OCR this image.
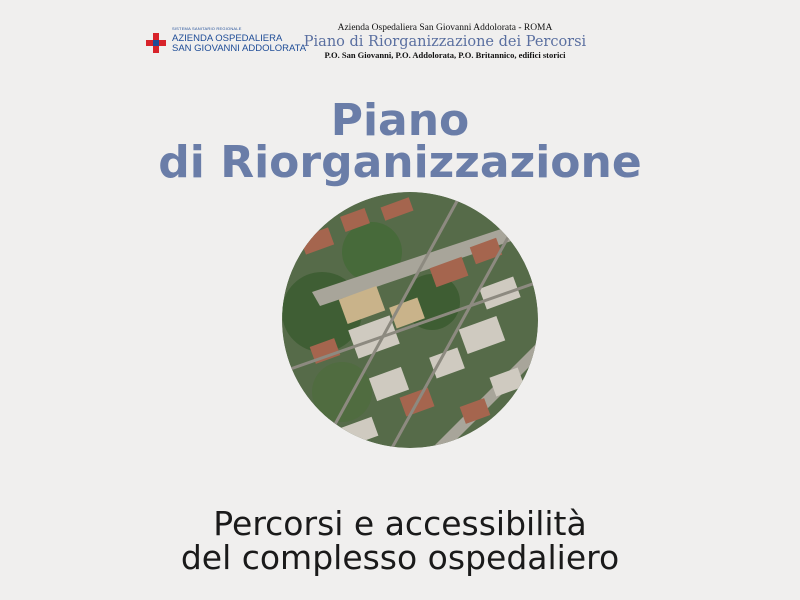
SISTEMA SANITARIO REGIONALE
AZIENDA OSPEDALIERA
SAN GIOVANNI ADDOLORATA
Azienda Ospedaliera San Giovanni Addolorata - ROMA
Piano di Riorganizzazione dei Percorsi
P.O. San Giovanni, P.O. Addolorata, P.O. Britannico, edifici storici
Piano
di Riorganizzazione
Percorsi e accessibilità
del complesso ospedaliero
